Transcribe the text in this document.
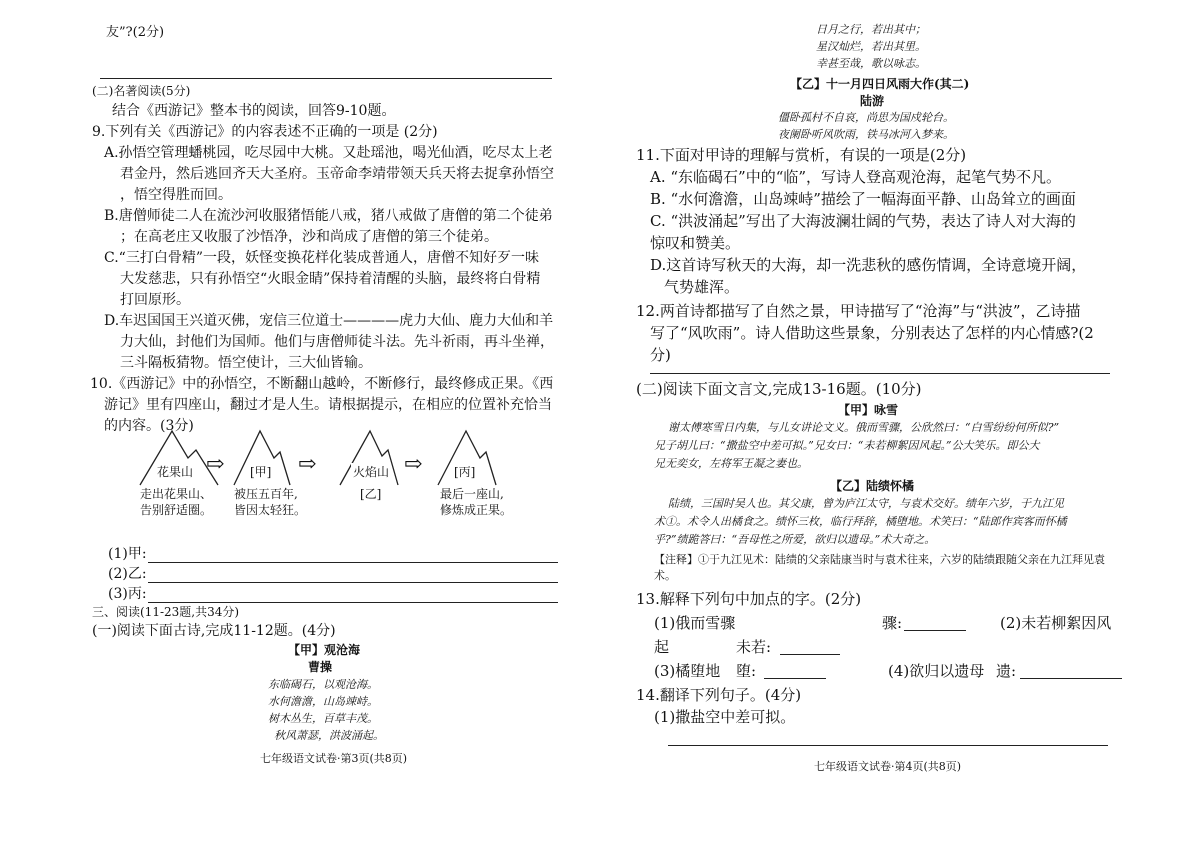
友”?(2分)
(二)名著阅读(5分)
结合《西游记》整本书的阅读，回答9-10题。
9.下列有关《西游记》的内容表述不正确的一项是 (2分)
A.孙悟空管理蟠桃园，吃尽园中大桃。又赴瑶池，喝光仙酒，吃尽太上老
君金丹，然后逃回齐天大圣府。玉帝命李靖带领天兵天将去捉拿孙悟空
，悟空得胜而回。
B.唐僧师徒二人在流沙河收服猪悟能八戒，猪八戒做了唐僧的第二个徒弟
；在高老庄又收服了沙悟净，沙和尚成了唐僧的第三个徒弟。
C.“三打白骨精”一段，妖怪变换花样化装成普通人，唐僧不知好歹一味
大发慈悲，只有孙悟空“火眼金睛”保持着清醒的头脑，最终将白骨精
打回原形。
D.车迟国国王兴道灭佛，宠信三位道士————虎力大仙、鹿力大仙和羊
力大仙，封他们为国师。他们与唐僧师徒斗法。先斗祈雨，再斗坐禅，
三斗隔板猜物。悟空使计，三大仙皆输。
10.《西游记》中的孙悟空，不断翻山越岭，不断修行，最终修成正果。《西
游记》里有四座山，翻过才是人生。请根据提示，在相应的位置补充恰当
的内容。(3分)
花果山
走出花果山、
告别舒适圈。
⇨ [甲]
被压五百年,
皆因太轻狂。
⇨	火焰山
[乙]
⇨	[丙]
最后一座山,
修炼成正果。
(1)甲:
(2)乙:
(3)丙:
三、阅读(11-23题,共34分)
(一)阅读下面古诗,完成11-12题。(4分)
【甲】观沧海
曹操
东临碣石，以观沧海。
水何澹澹，山岛竦峙。
树木丛生，百草丰茂。
秋风萧瑟，洪波涌起。
七年级语文试卷·第3页(共8页)
日月之行，若出其中；
星汉灿烂，若出其里。
幸甚至哉，歌以咏志。
【乙】十一月四日风雨大作(其二)
陆游
僵卧孤村不自哀，尚思为国戍轮台。
夜阑卧听风吹雨，铁马冰河入梦来。
11.下面对甲诗的理解与赏析，有误的一项是(2分)
A. “东临碣石”中的“临”，写诗人登高观沧海，起笔气势不凡。
B. “水何澹澹，山岛竦峙”描绘了一幅海面平静、山岛耸立的画面
C. “洪波涌起”写出了大海波澜壮阔的气势，表达了诗人对大海的
惊叹和赞美。
D.这首诗写秋天的大海，却一洗悲秋的感伤情调，全诗意境开阔，
气势雄浑。
12.两首诗都描写了自然之景，甲诗描写了“沧海”与“洪波”，乙诗描
写了“风吹雨”。诗人借助这些景象，分别表达了怎样的内心情感?(2
分)
(二)阅读下面文言文,完成13-16题。(10分)
【甲】咏雪
谢太傅寒雪日内集，与儿女讲论文义。俄而雪骤，公欣然曰：“白雪纷纷何所似?”
兄子胡儿曰：“撒盐空中差可拟。”兄女曰：“未若柳絮因风起。”公大笑乐。即公大
兄无奕女，左将军王凝之妻也。
【乙】陆绩怀橘
陆绩，三国时吴人也。其父康，曾为庐江太守，与袁术交好。绩年六岁，于九江见
术①。术令人出橘食之。绩怀三枚，临行拜辞，橘堕地。术笑曰：“陆郎作宾客而怀橘
乎?”绩跪答曰：“吾母性之所爱，欲归以遗母。”术大奇之。
【注释】①于九江见术：陆绩的父亲陆康当时与袁术往来，六岁的陆绩跟随父亲在九江拜见袁
术。
13.解释下列句中加点的字。(2分)
(1)俄而雪骤	骤:	(2)未若柳絮因风
起	未若:
(3)橘堕地 堕:	(4)欲归以遗母 遗:
14.翻译下列句子。(4分)
(1)撒盐空中差可拟。
七年级语文试卷·第4页(共8页)
